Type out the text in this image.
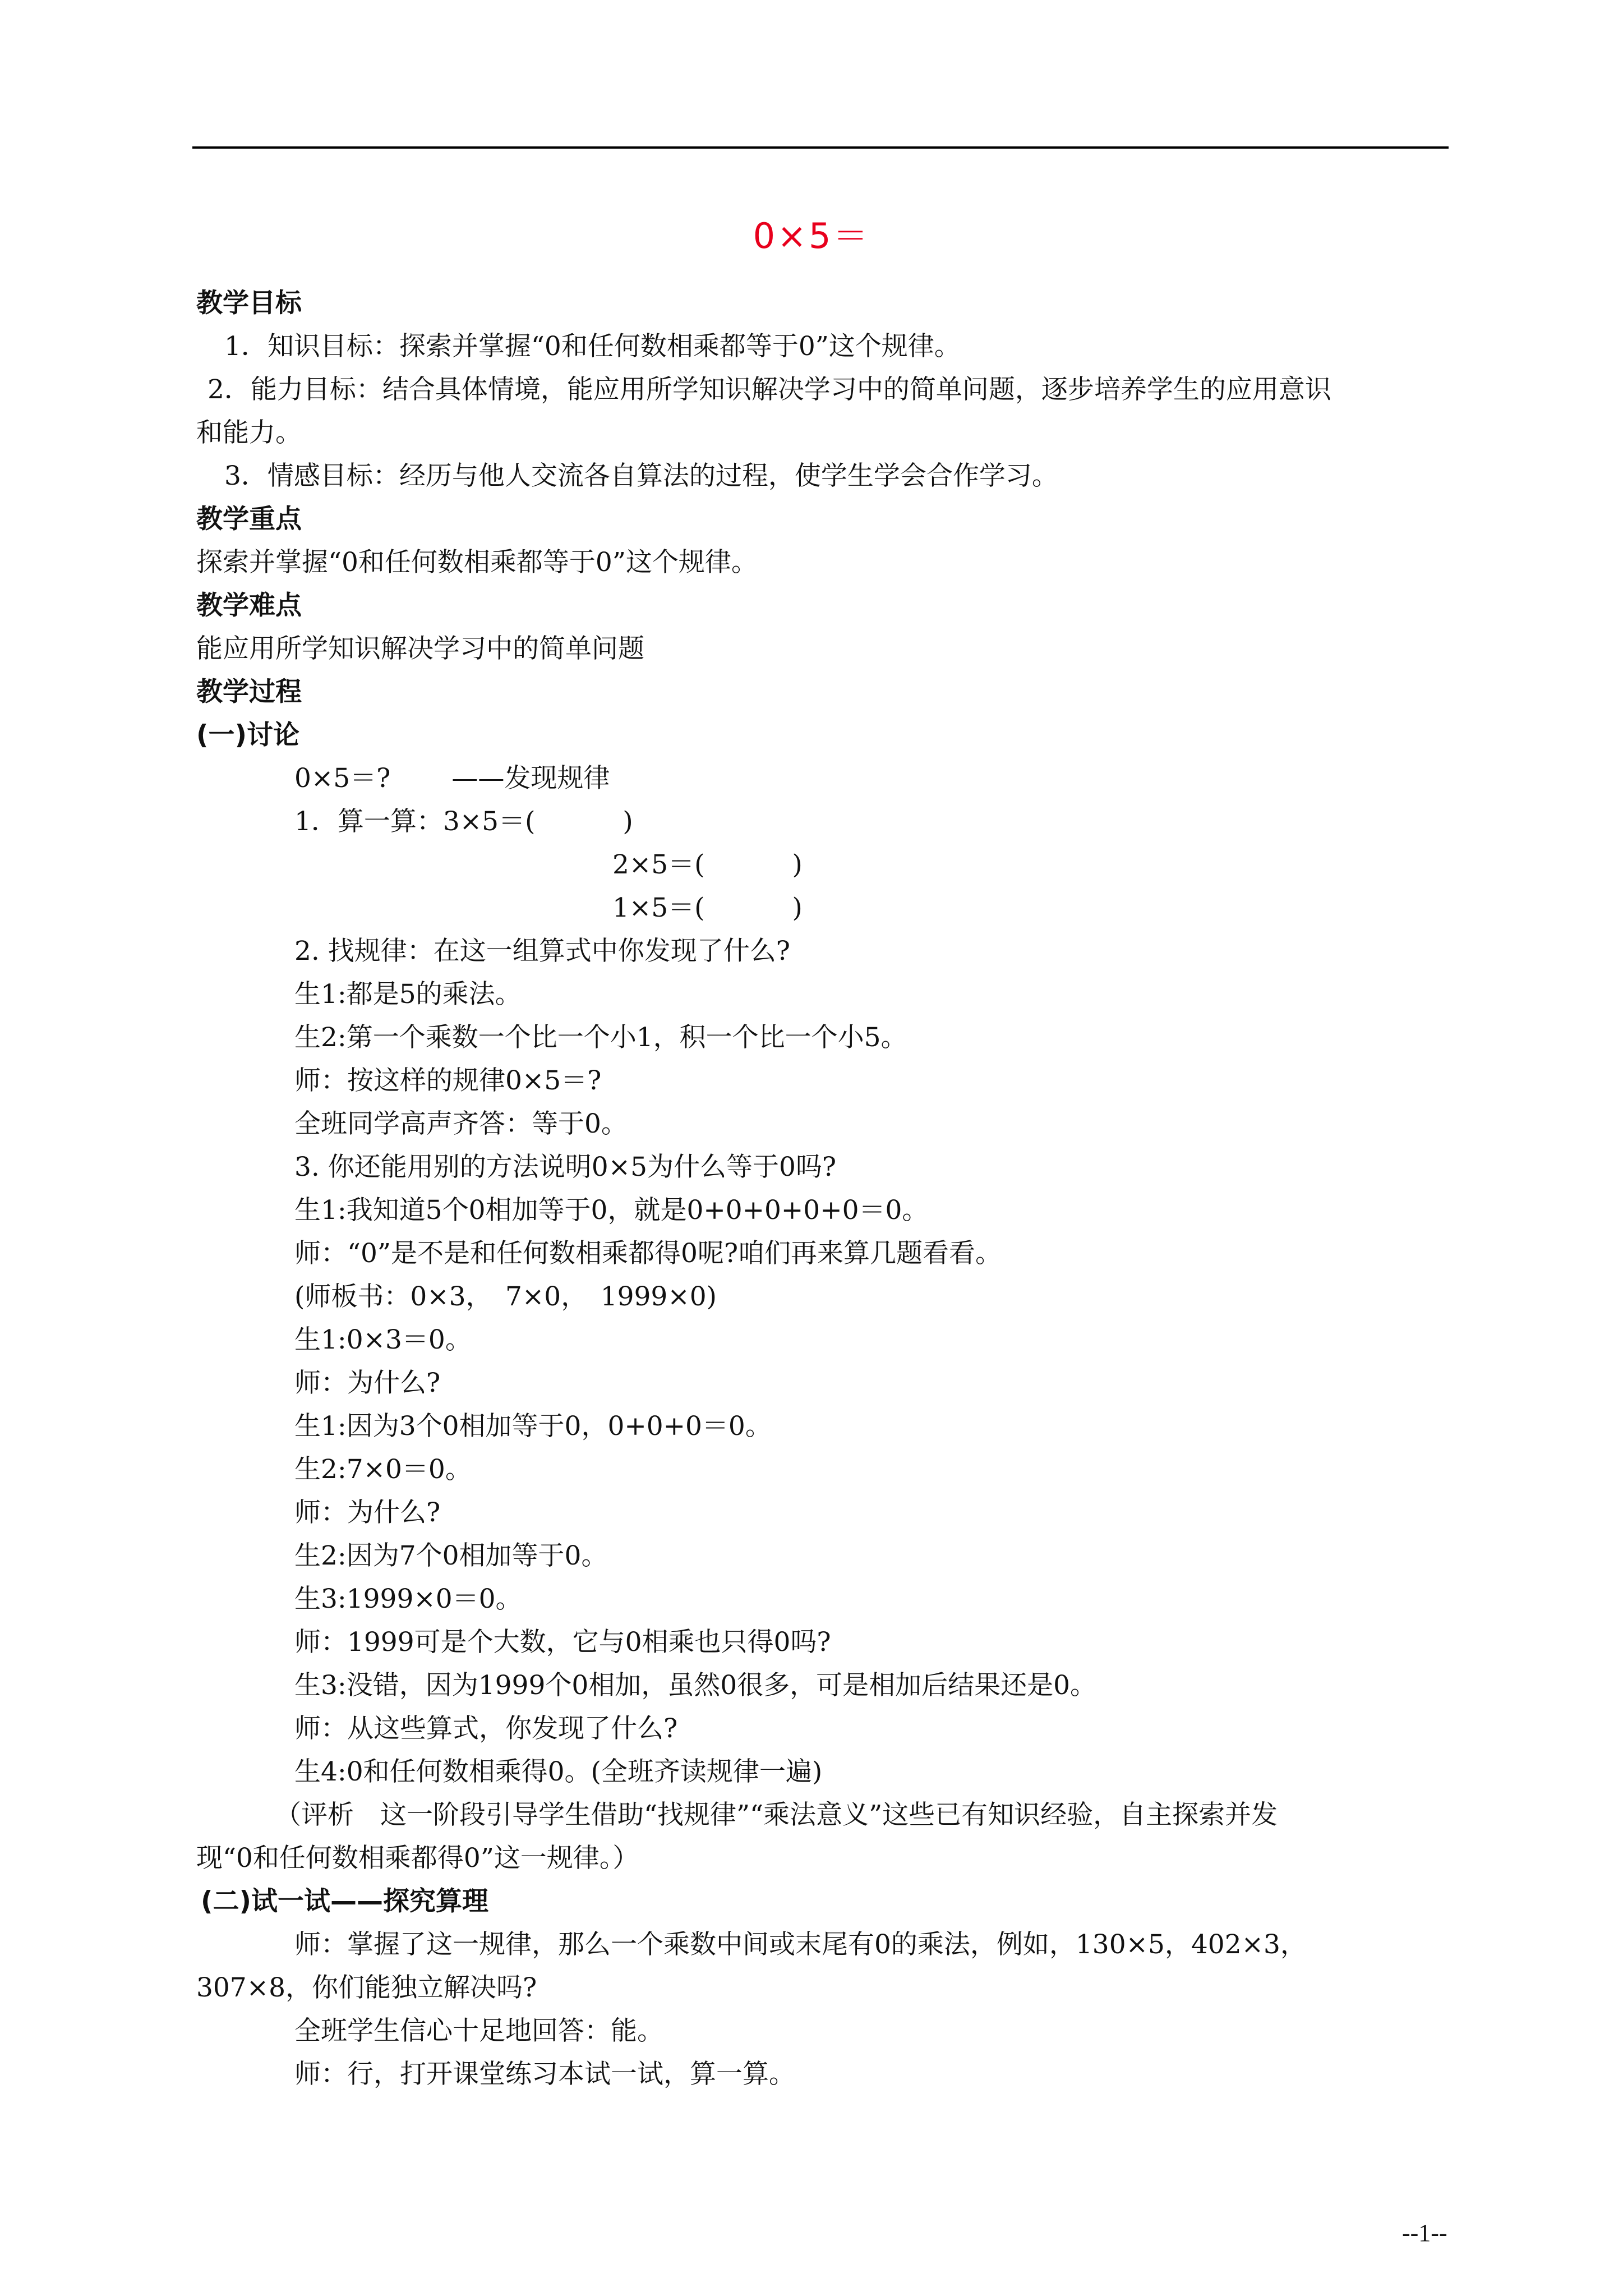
0×5＝
教学目标
1．知识目标：探索并掌握“0和任何数相乘都等于0”这个规律。
2．能力目标：结合具体情境，能应用所学知识解决学习中的简单问题，逐步培养学生的应用意识
和能力。
3．情感目标：经历与他人交流各自算法的过程，使学生学会合作学习。
教学重点
探索并掌握“0和任何数相乘都等于0”这个规律。
教学难点
能应用所学知识解决学习中的简单问题
教学过程
(一)讨论
0×5＝?　　 ——发现规律
1．算一算：3×5＝(　　　 )
2×5＝(　　　 )
1×5＝(　　　 )
2. 找规律：在这一组算式中你发现了什么?
生1:都是5的乘法。
生2:第一个乘数一个比一个小1，积一个比一个小5。
师：按这样的规律0×5＝?
全班同学高声齐答：等于0。
3. 你还能用别的方法说明0×5为什么等于0吗?
生1:我知道5个0相加等于0，就是0+0+0+0+0＝0。
师：“0”是不是和任何数相乘都得0呢?咱们再来算几题看看。
(师板书：0×3，　7×0，　1999×0)
生1:0×3＝0。
师：为什么?
生1:因为3个0相加等于0，0+0+0＝0。
生2:7×0＝0。
师：为什么?
生2:因为7个0相加等于0。
生3:1999×0＝0。
师：1999可是个大数，它与0相乘也只得0吗?
生3:没错，因为1999个0相加，虽然0很多，可是相加后结果还是0。
师：从这些算式，你发现了什么?
生4:0和任何数相乘得0。(全班齐读规律一遍)
（评析　这一阶段引导学生借助“找规律”“乘法意义”这些已有知识经验，自主探索并发
现“0和任何数相乘都得0”这一规律。）
(二)试一试——探究算理
师：掌握了这一规律，那么一个乘数中间或末尾有0的乘法，例如，130×5，402×3，
307×8，你们能独立解决吗?
全班学生信心十足地回答：能。
师：行，打开课堂练习本试一试，算一算。
--1--
